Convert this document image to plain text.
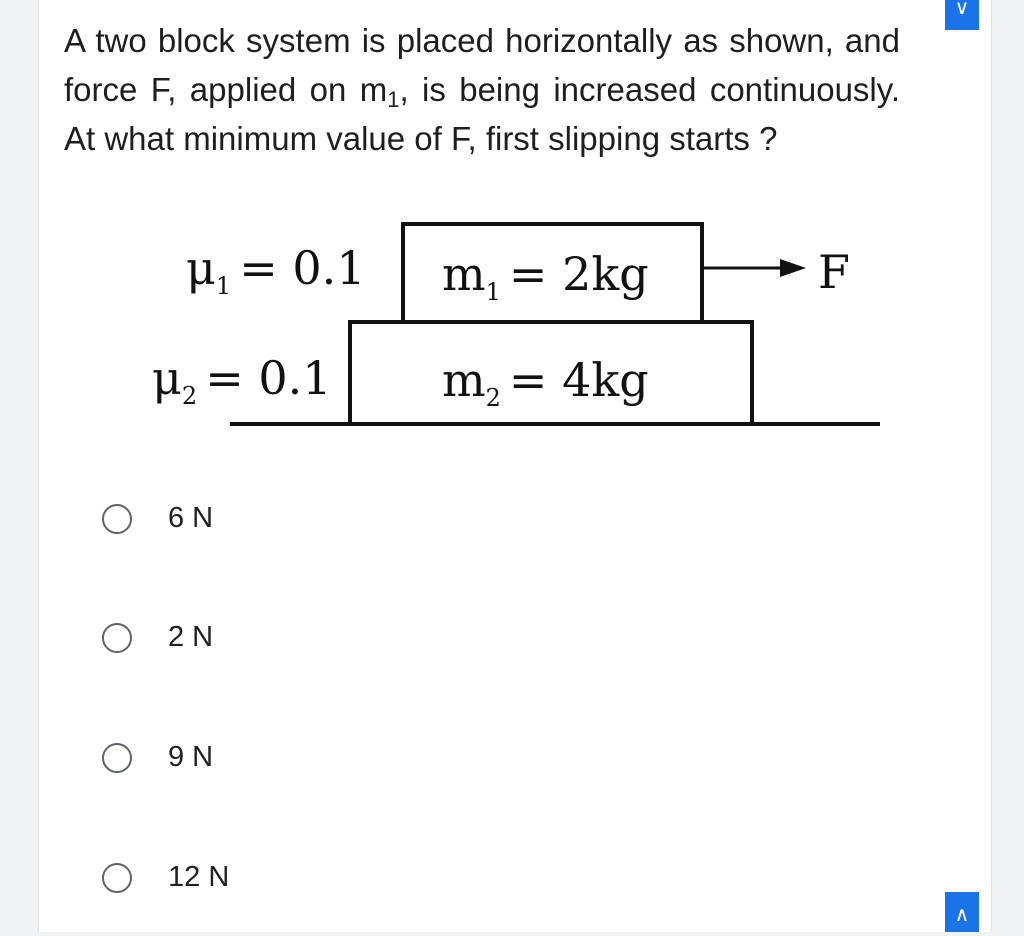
∨
A two block system is placed horizontally as shown, and force F, applied on $m_1$, is being increased continuously. At what minimum value of F, first slipping starts ?
$\mu_1 = 0.1$
$\mu_2 = 0.1$
$m_1 = 2kg$
$m_2 = 4kg$
F
6 N
2 N
9 N
12 N
∧
